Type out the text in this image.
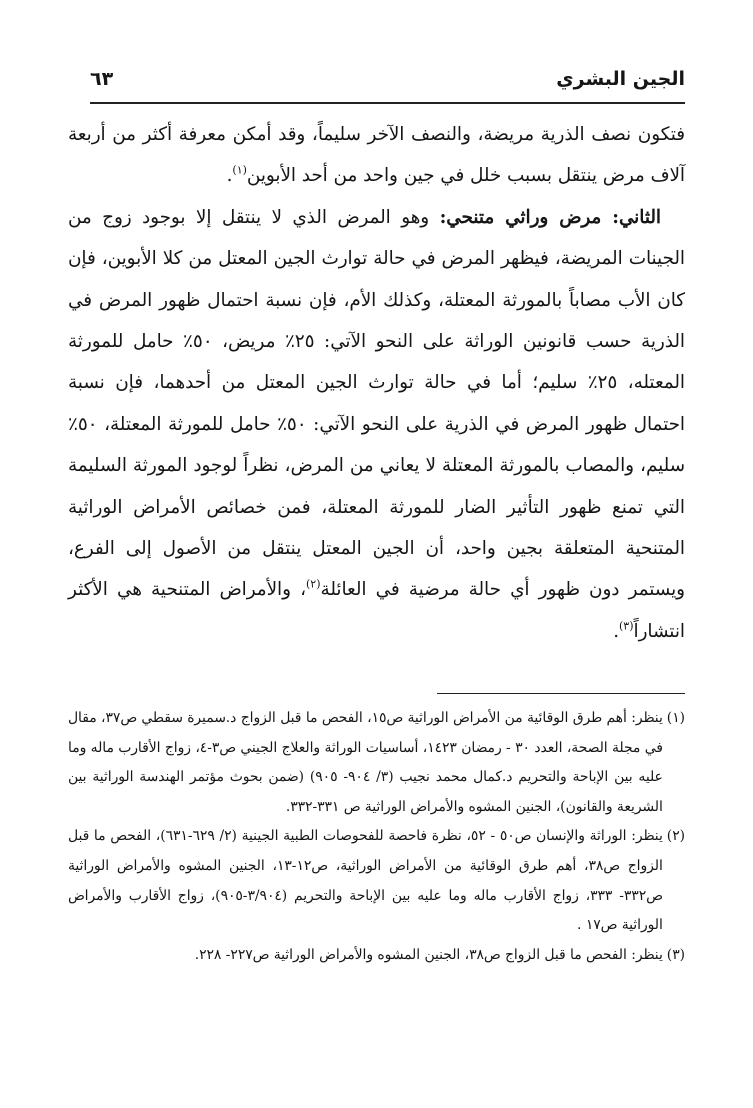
الجين البشري
٦٣

فتكون نصف الذرية مريضة، والنصف الآخر سليماً، وقد أمكن معرفة أكثر من أربعة آلاف مرض ينتقل بسبب خلل في جين واحد من أحد الأبوين$^{(١)}$.

الثاني: مرض وراثي متنحي: وهو المرض الذي لا ينتقل إلا بوجود زوج من الجينات المريضة، فيظهر المرض في حالة توارث الجين المعتل من كلا الأبوين، فإن كان الأب مصاباً بالمورثة المعتلة، وكذلك الأم، فإن نسبة احتمال ظهور المرض في الذرية حسب قانونين الوراثة على النحو الآتي: ٢٥٪ مريض، ٥٠٪ حامل للمورثة المعتله، ٢٥٪ سليم؛ أما في حالة توارث الجين المعتل من أحدهما، فإن نسبة احتمال ظهور المرض في الذرية على النحو الآتي: ٥٠٪ حامل للمورثة المعتلة، ٥٠٪ سليم، والمصاب بالمورثة المعتلة لا يعاني من المرض، نظراً لوجود المورثة السليمة التي تمنع ظهور التأثير الضار للمورثة المعتلة، فمن خصائص الأمراض الوراثية المتنحية المتعلقة بجين واحد، أن الجين المعتل ينتقل من الأصول إلى الفرع، ويستمر دون ظهور أي حالة مرضية في العائلة$^{(٢)}$، والأمراض المتنحية هي الأكثر انتشاراً$^{(٣)}$.

(١)
ينظر: أهم طرق الوقائية من الأمراض الوراثية ص١٥، الفحص ما قبل الزواج د.سميرة سقطي ص٣٧، مقال في مجلة الصحة، العدد ٣٠ - رمضان ١٤٢٣، أساسيات الوراثة والعلاج الجيني ص٣-٤، زواج الأقارب ماله وما عليه بين الإباحة والتحريم د.كمال محمد نجيب (٣/ ٩٠٤- ٩٠٥) (ضمن بحوث مؤتمر الهندسة الوراثية بين الشريعة والقانون)، الجنين المشوه والأمراض الوراثية ص ٣٣١-٣٣٢.

(٢)
ينظر: الوراثة والإنسان ص٥٠ - ٥٢، نظرة فاحصة للفحوصات الطبية الجينية (٢/ ٦٢٩-٦٣١)، الفحص ما قبل الزواج ص٣٨، أهم طرق الوقائية من الأمراض الوراثية، ص١٢-١٣، الجنين المشوه والأمراض الوراثية ص٣٣٢- ٣٣٣، زواج الأقارب ماله وما عليه بين الإباحة والتحريم (٣/٩٠٤-٩٠٥)، زواج الأقارب والأمراض الوراثية ص١٧ .

(٣)
ينظر: الفحص ما قبل الزواج ص٣٨، الجنين المشوه والأمراض الوراثية ص٢٢٧- ٢٢٨.
